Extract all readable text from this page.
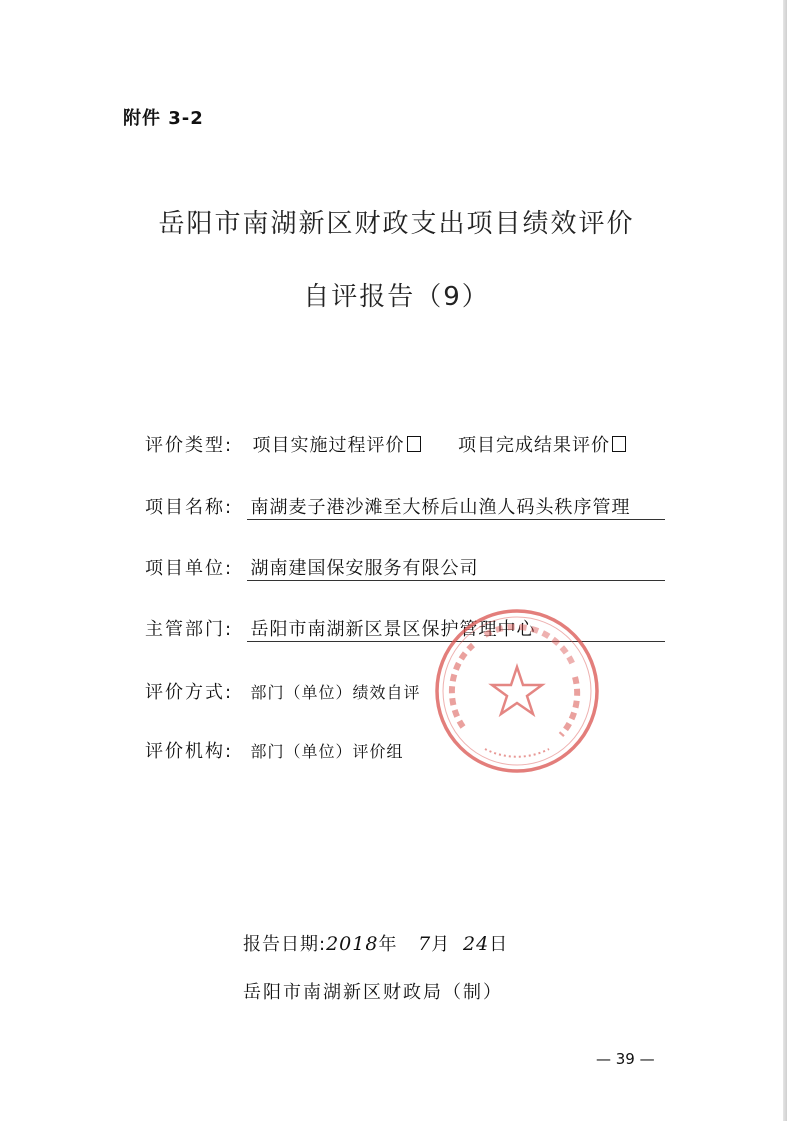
附件 3-2
岳阳市南湖新区财政支出项目绩效评价
自评报告（9）
评价类型: 项目实施过程评价	项目完成结果评价
项目名称: 南湖麦子港沙滩至大桥后山渔人码头秩序管理
项目单位: 湖南建国保安服务有限公司
主管部门: 岳阳市南湖新区景区保护管理中心
评价方式: 部门（单位）绩效自评
评价机构: 部门（单位）评价组
报告日期:2018年 7月 24日
岳阳市南湖新区财政局（制）
— 39 —
